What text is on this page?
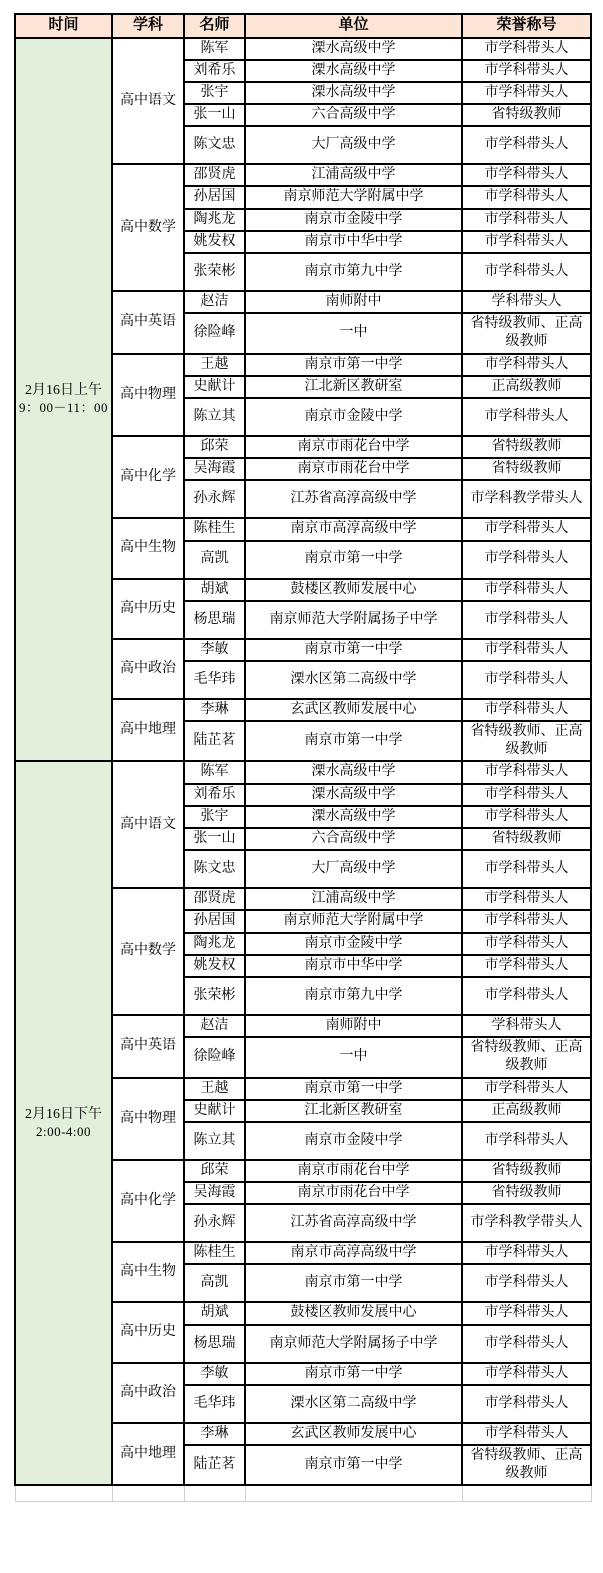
时间	学科	名师	单位	荣誉称号

2月16日上午
9：00－11：00	高中语文	陈军	溧水高级中学	市学科带头人
		刘希乐	溧水高级中学	市学科带头人
		张宇	溧水高级中学	市学科带头人
		张一山	六合高级中学	省特级教师
		陈文忠	大厂高级中学	市学科带头人
	高中数学	邵贤虎	江浦高级中学	市学科带头人
		孙居国	南京师范大学附属中学	市学科带头人
		陶兆龙	南京市金陵中学	市学科带头人
		姚发权	南京市中华中学	市学科带头人
		张荣彬	南京市第九中学	市学科带头人
	高中英语	赵洁	南师附中	学科带头人
		徐险峰	一中	省特级教师、正高级教师
	高中物理	王越	南京市第一中学	市学科带头人
		史献计	江北新区教研室	正高级教师
		陈立其	南京市金陵中学	市学科带头人
	高中化学	邱荣	南京市雨花台中学	省特级教师
		吴海霞	南京市雨花台中学	省特级教师
		孙永辉	江苏省高淳高级中学	市学科教学带头人
	高中生物	陈桂生	南京市高淳高级中学	市学科带头人
		高凯	南京市第一中学	市学科带头人
	高中历史	胡斌	鼓楼区教师发展中心	市学科带头人
		杨思瑞	南京师范大学附属扬子中学	市学科带头人
	高中政治	李敏	南京市第一中学	市学科带头人
		毛华玮	溧水区第二高级中学	市学科带头人
	高中地理	李琳	玄武区教师发展中心	市学科带头人
		陆芷茗	南京市第一中学	省特级教师、正高级教师

2月16日下午
2:00-4:00	高中语文	陈军	溧水高级中学	市学科带头人
		刘希乐	溧水高级中学	市学科带头人
		张宇	溧水高级中学	市学科带头人
		张一山	六合高级中学	省特级教师
		陈文忠	大厂高级中学	市学科带头人
	高中数学	邵贤虎	江浦高级中学	市学科带头人
		孙居国	南京师范大学附属中学	市学科带头人
		陶兆龙	南京市金陵中学	市学科带头人
		姚发权	南京市中华中学	市学科带头人
		张荣彬	南京市第九中学	市学科带头人
	高中英语	赵洁	南师附中	学科带头人
		徐险峰	一中	省特级教师、正高级教师
	高中物理	王越	南京市第一中学	市学科带头人
		史献计	江北新区教研室	正高级教师
		陈立其	南京市金陵中学	市学科带头人
	高中化学	邱荣	南京市雨花台中学	省特级教师
		吴海霞	南京市雨花台中学	省特级教师
		孙永辉	江苏省高淳高级中学	市学科教学带头人
	高中生物	陈桂生	南京市高淳高级中学	市学科带头人
		高凯	南京市第一中学	市学科带头人
	高中历史	胡斌	鼓楼区教师发展中心	市学科带头人
		杨思瑞	南京师范大学附属扬子中学	市学科带头人
	高中政治	李敏	南京市第一中学	市学科带头人
		毛华玮	溧水区第二高级中学	市学科带头人
	高中地理	李琳	玄武区教师发展中心	市学科带头人
		陆芷茗	南京市第一中学	省特级教师、正高级教师
